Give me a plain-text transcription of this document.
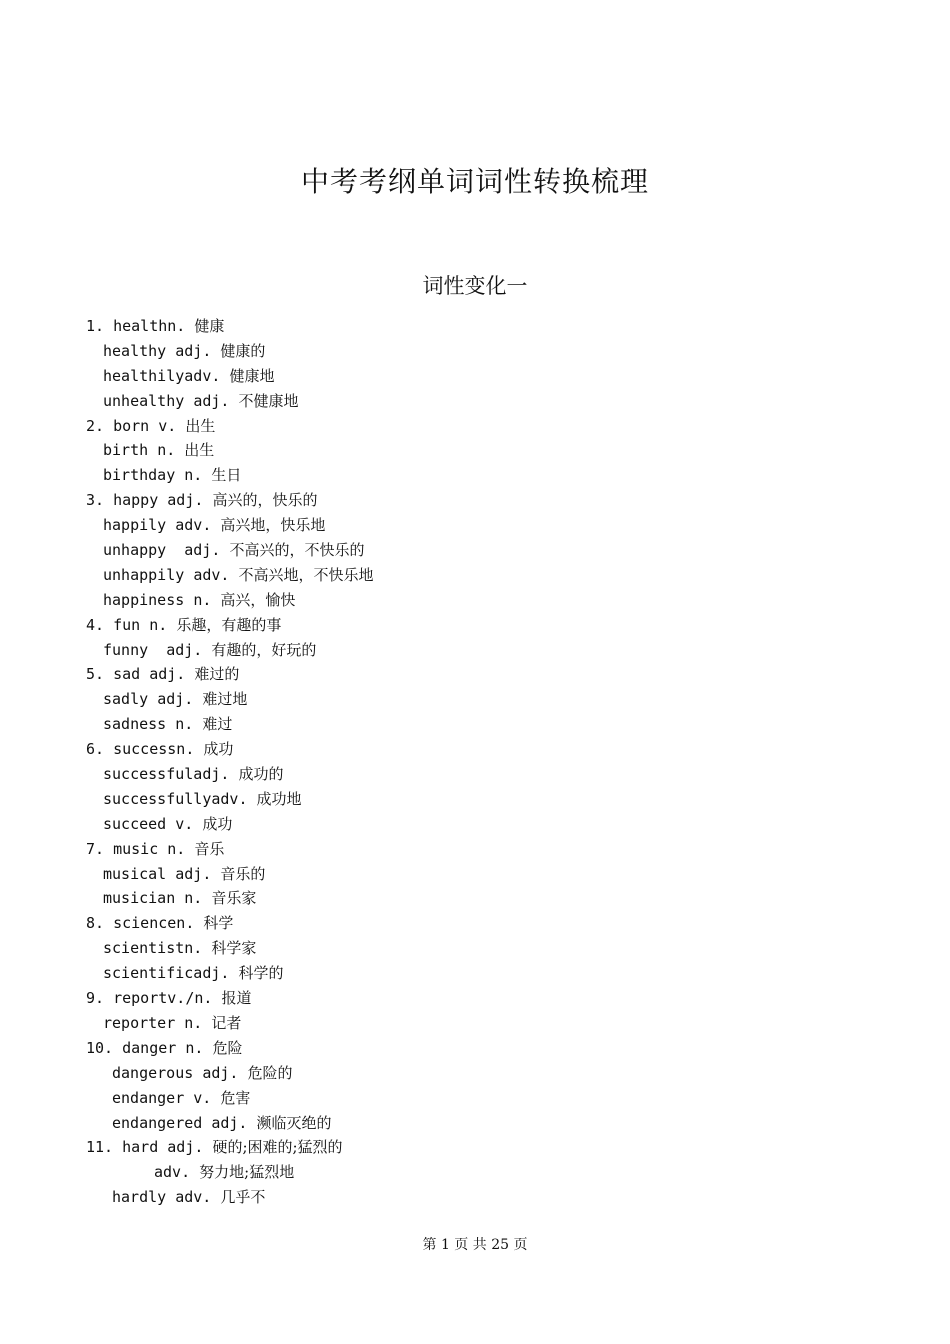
中考考纲单词词性转换梳理
词性变化一
1. healthn. 健康
healthy adj. 健康的
healthilyadv. 健康地
unhealthy adj. 不健康地
2. born v. 出生
birth n. 出生
birthday n. 生日
3. happy adj. 高兴的，快乐的
happily adv. 高兴地，快乐地
unhappy  adj. 不高兴的，不快乐的
unhappily adv. 不高兴地，不快乐地
happiness n. 高兴，愉快
4. fun n. 乐趣，有趣的事
funny  adj. 有趣的，好玩的
5. sad adj. 难过的
sadly adj. 难过地
sadness n. 难过
6. successn. 成功
successfuladj. 成功的
successfullyadv. 成功地
succeed v. 成功
7. music n. 音乐
musical adj. 音乐的
musician n. 音乐家
8. sciencen. 科学
scientistn. 科学家
scientificadj. 科学的
9. reportv./n. 报道
reporter n. 记者
10. danger n. 危险
dangerous adj. 危险的
endanger v. 危害
endangered adj. 濒临灭绝的
11. hard adj. 硬的;困难的;猛烈的
adv. 努力地;猛烈地
hardly adv. 几乎不
第 1 页 共 25 页
